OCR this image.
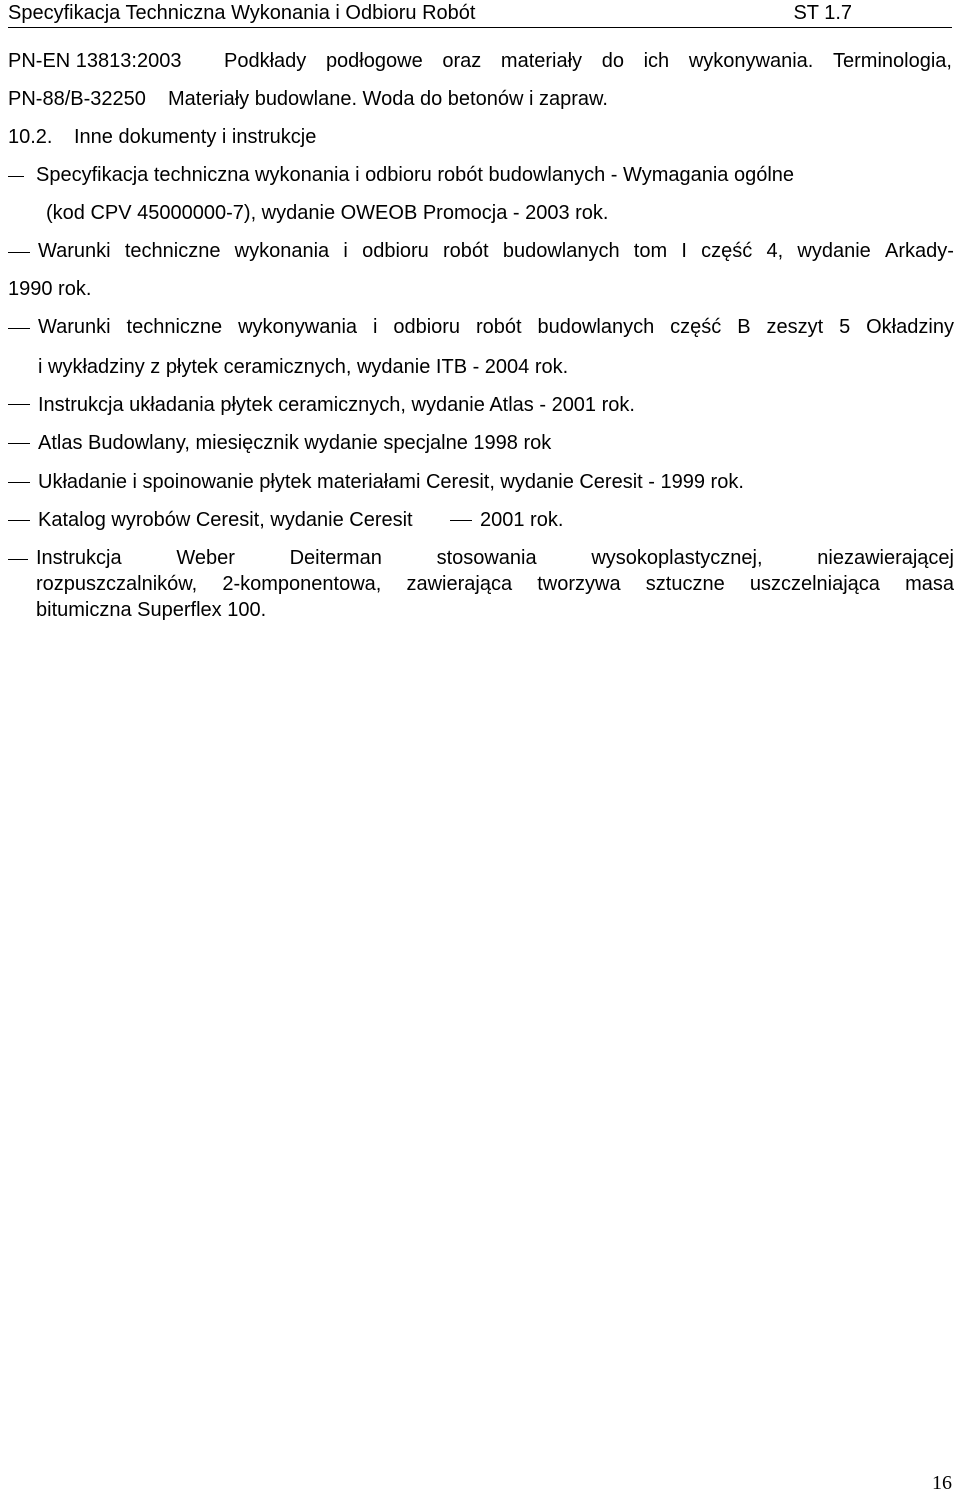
Specyfikacja Techniczna Wykonania i Odbioru Robót	ST 1.7
PN-EN 13813:2003 Podkłady podłogowe oraz materiały do ich wykonywania. Terminologia,
PN-88/B-32250 Materiały budowlane. Woda do betonów i zapraw.
10.2. Inne dokumenty i instrukcje
Specyfikacja techniczna wykonania i odbioru robót budowlanych - Wymagania ogólne
(kod CPV 45000000-7), wydanie OWEOB Promocja - 2003 rok.
Warunki techniczne wykonania i odbioru robót budowlanych tom I część 4, wydanie Arkady-
1990 rok.
Warunki techniczne wykonywania i odbioru robót budowlanych część B zeszyt 5 Okładziny
i wykładziny z płytek ceramicznych, wydanie ITB - 2004 rok.
Instrukcja układania płytek ceramicznych, wydanie Atlas - 2001 rok.
Atlas Budowlany, miesięcznik wydanie specjalne 1998 rok
Układanie i spoinowanie płytek materiałami Ceresit, wydanie Ceresit - 1999 rok.
Katalog wyrobów Ceresit, wydanie Ceresit	2001 rok.
Instrukcja	Weber	Deiterman	stosowania	wysokoplastycznej,	niezawierającej
rozpuszczalników, 2-komponentowa, zawierająca tworzywa sztuczne uszczelniająca masa
bitumiczna Superflex 100.
16
